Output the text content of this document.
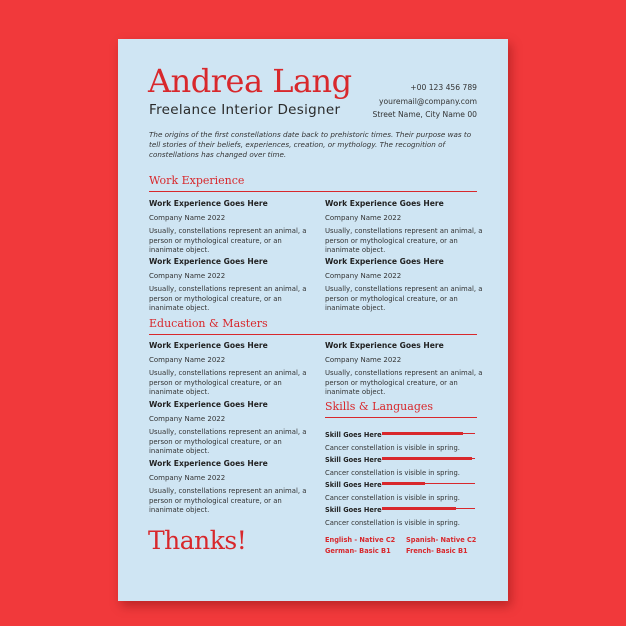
Andrea Lang
Freelance Interior Designer
+00 123 456 789
youremail@company.com
Street Name, City Name 00
The origins of the first constellations date back to prehistoric times. Their purpose was to tell stories of their beliefs, experiences, creation, or mythology. The recognition of constellations has changed over time.
Work Experience
Work Experience Goes Here
Company Name 2022
Usually, constellations represent an animal, a person or mythological creature, or an inanimate object.
Work Experience Goes Here
Company Name 2022
Usually, constellations represent an animal, a person or mythological creature, or an inanimate object.
Work Experience Goes Here
Company Name 2022
Usually, constellations represent an animal, a person or mythological creature, or an inanimate object.
Work Experience Goes Here
Company Name 2022
Usually, constellations represent an animal, a person or mythological creature, or an inanimate object.
Education & Masters
Work Experience Goes Here
Company Name 2022
Usually, constellations represent an animal, a person or mythological creature, or an inanimate object.
Work Experience Goes Here
Company Name 2022
Usually, constellations represent an animal, a person or mythological creature, or an inanimate object.
Work Experience Goes Here
Company Name 2022
Usually, constellations represent an animal, a person or mythological creature, or an inanimate object.
Work Experience Goes Here
Company Name 2022
Usually, constellations represent an animal, a person or mythological creature, or an inanimate object.
Skills & Languages
Skill Goes Here
Cancer constellation is visible in spring.
Skill Goes Here
Cancer constellation is visible in spring.
Skill Goes Here
Cancer constellation is visible in spring.
Skill Goes Here
Cancer constellation is visible in spring.
English - Native C2 Spanish- Native C2
German- Basic B1 French- Basic B1
Thanks!
